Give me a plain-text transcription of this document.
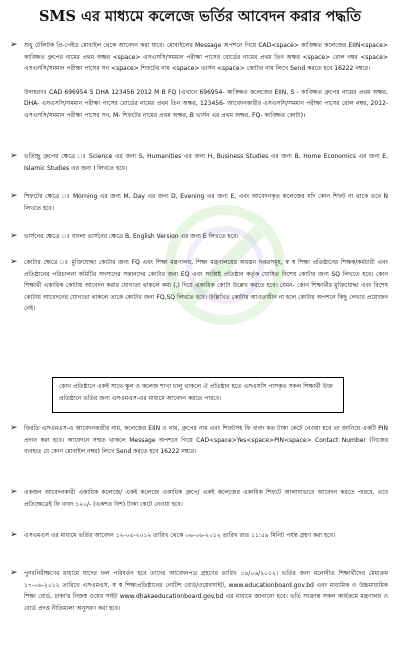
SMS এর মাধ্যমে কলেজে ভর্তির আবেদন করার পদ্ধতি
➢ শুধু টেলিটক প্রি-পেইড মোবাইল থেকে আবেদন করা যাবে। মোবাইলের Message অপশনে গিয়ে CAD<space> কাঙ্ক্ষিত কলেজের EIIN<space> কাঙ্ক্ষিত গ্রুপের নামের প্রথম অক্ষর <space> এসএসসি/সমমান পরীক্ষা পাসের বোর্ডের নামের প্রথম তিন অক্ষর <space> রোল নম্বর <space> এসএসসি/সমমান পরীক্ষা পাসের সন <space> শিফটের নাম <space> ভার্সন <space> কোটার নাম লিখে Send করতে হবে 16222 নম্বরে।
উদাহরণঃ CAD 696954 S DHA 123456 2012 M B FQ (এখানে 696954- কাঙ্ক্ষিত কলেজের EIIN, S - কাঙ্ক্ষিত গ্রুপের নামের প্রথম অক্ষর, DHA- এসএসসি/সমমান পরীক্ষা পাসের বোর্ডের নামের প্রথম তিন অক্ষর, 123456- আবেদনকারীর এসএসসি/সমমান পরীক্ষা পাসের রোল নম্বর, 2012- এসএসসি/সমমান পরীক্ষা পাসের সন, M- শিফটের নামের প্রথম অক্ষর, B ভার্সন এর প্রথম অক্ষর, FQ- কাঙ্ক্ষিত কোটা)।
➢ ভর্তিচ্ছু গ্রুপের ক্ষেত্রে ঃ Science এর জন্য S, Humanities এর জন্য H, Business Studies এর জন্য B, Home Economics এর জন্য E, Islamic Studies এর জন্য I লিখতে হবে।
➢ শিফটের ক্ষেত্রে ঃ Morning এর জন্য M, Day এর জন্য D, Evening এর জন্য E, এবং আবেদনকৃত কলেজের যদি কোন শিফট না থাকে তবে N লিখতে হবে।
➢ ভার্সনের ক্ষেত্রে ঃ বাংলা ভার্সনের ক্ষেত্রে B, English Version এর জন্য E লিখতে হবে।
➢ কোটার ক্ষেত্রে ঃ মুক্তিযোদ্ধা কোটার জন্য FQ এবং শিক্ষা মন্ত্রণালয়, শিক্ষা মন্ত্রণালয়ের অধস্তন দপ্তরসমূহ, স্ব স্ব শিক্ষা প্রতিষ্ঠানের শিক্ষক/কর্মচারী এবং প্রতিষ্ঠানের পরিচালনা কমিটির সদস্যদের সন্তানদের কোটার জন্য EQ এবং সংশ্লিষ্ট প্রতিষ্ঠান কর্তৃক ঘোষিত বিশেষ কোটার জন্য SQ লিখতে হবে। কোন শিক্ষার্থী একাধিক কোটায় আবেদন করার যোগ্যতা থাকলে কমা (,) দিয়ে একাধিক কোটা উল্লেখ করতে হবে। যেমন- কোন শিক্ষার্থীর মুক্তিযোদ্ধা এবং বিশেষ কোটায় আবেদনের যোগ্যতা থাকলে তাকে কোটার জন্য FQ,SQ লিখতে হবে। উল্লিখিত কোটার আওতাধীন না হলে কোটার অপশনে কিছু লেখার প্রয়োজন নেই।
কোন প্রতিষ্ঠানে একই সাথে স্কুল ও কলেজ শাখা চালু থাকলে ঐ প্রতিষ্ঠান হতে এসএসসি পাসকৃত সকল শিক্ষার্থী উক্ত প্রতিষ্ঠানে ভর্তির জন্য এসএমএস-এর মাধ্যমে আবেদন করতে পারবে।
➢ ফিরতি এসএমএস-এ আবেদনকারীর নাম, কলেজের EIIN ও নাম, গ্রুপের নাম এবং শিফটসহ ফি বাবদ কত টাকা কেটে নেওয়া হবে তা জানিয়ে একটি PIN প্রদান করা হবে। আবেদনে সম্মত থাকলে Message অপশনে গিয়ে CAD<space>Yes<space>PIN<space> Contact Number (নিজের ব্যবহৃত যে কোন মোবাইল নম্বর) লিখে Send করতে হবে 16222 নম্বরে।
➢ একজন আবেদনকারী একাধিক কলেজে/ একই কলেজে একাধিক গ্রুপে/ একই কলেজের একাধিক শিফটে আলাদাভাবে আবেদন করতে পারবে, তবে প্রতিক্ষেত্রেই ফি বাবদ ১২০/- (একশত বিশ) টাকা কেটে নেওয়া হবে।
➢ এসএমএস এর মাধ্যমে ভর্তির আবেদন ১২-০৫-২০১২ তারিখ থেকে ০৬-০৬-২০১২ তারিখ রাত ১১:৫৯ মিনিট পর্যন্ত গ্রহণ করা হবে।
➢ পুনঃনিরীক্ষণের মাধ্যমে যাদের ফল পরিবর্তন হবে তাদের আবেদনপত্র গ্রহণের তারিখ ১৪/০৬/২০১২। ভর্তির জন্য মনোনীত শিক্ষার্থীদের মেধাক্রম ১৭-০৬-২০১২ তারিখে এসএমএস, স্ব স্ব শিক্ষাপ্রতিষ্ঠানের নোটিশ বোর্ড/ওয়েবসাইট, www.educationboard.gov.bd এবং মাধ্যমিক ও উচ্চমাধ্যমিক শিক্ষা বোর্ড, ঢাকা'র নিজস্ব ওয়েব সাইট www.dhakaeducationboard.gov.bd এর মাধ্যমে জানানো হবে। ভর্তি সংক্রান্ত সকল কার্যক্রমে মন্ত্রণালয় ও বোর্ড প্রদত্ত নীতিমালা অনুসরণ করা হবে।
